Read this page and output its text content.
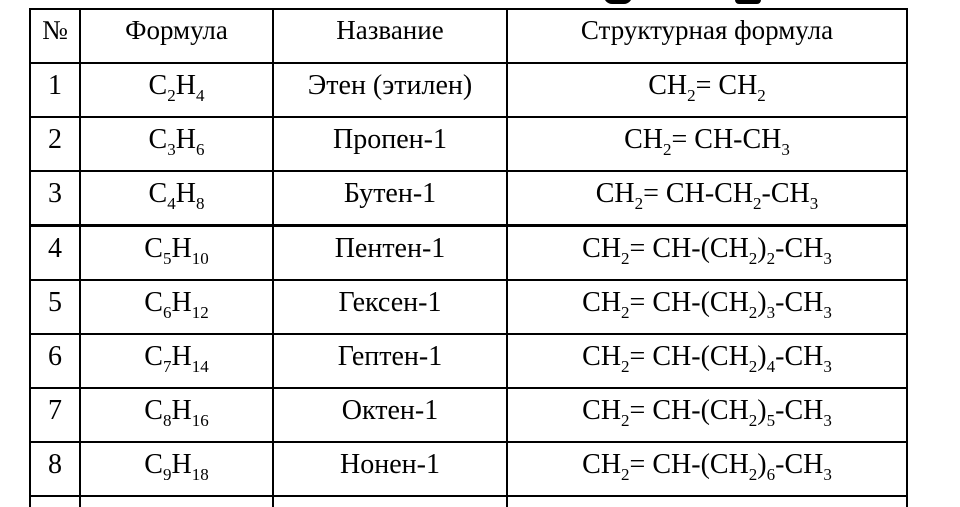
№	Формула	Название	Структурная формула
1	$C_2H_4$	Этен (этилен)	$CH_2= CH_2$
2	$C_3H_6$	Пропен-1	$CH_2= CH-CH_3$
3	$C_4H_8$	Бутен-1	$CH_2= CH-CH_2-CH_3$
4	$C_5H_{10}$	Пентен-1	$CH_2= CH-(CH_2)_2-CH_3$
5	$C_6H_{12}$	Гексен-1	$CH_2= CH-(CH_2)_3-CH_3$
6	$C_7H_{14}$	Гептен-1	$CH_2= CH-(CH_2)_4-CH_3$
7	$C_8H_{16}$	Октен-1	$CH_2= CH-(CH_2)_5-CH_3$
8	$C_9H_{18}$	Нонен-1	$CH_2= CH-(CH_2)_6-CH_3$
